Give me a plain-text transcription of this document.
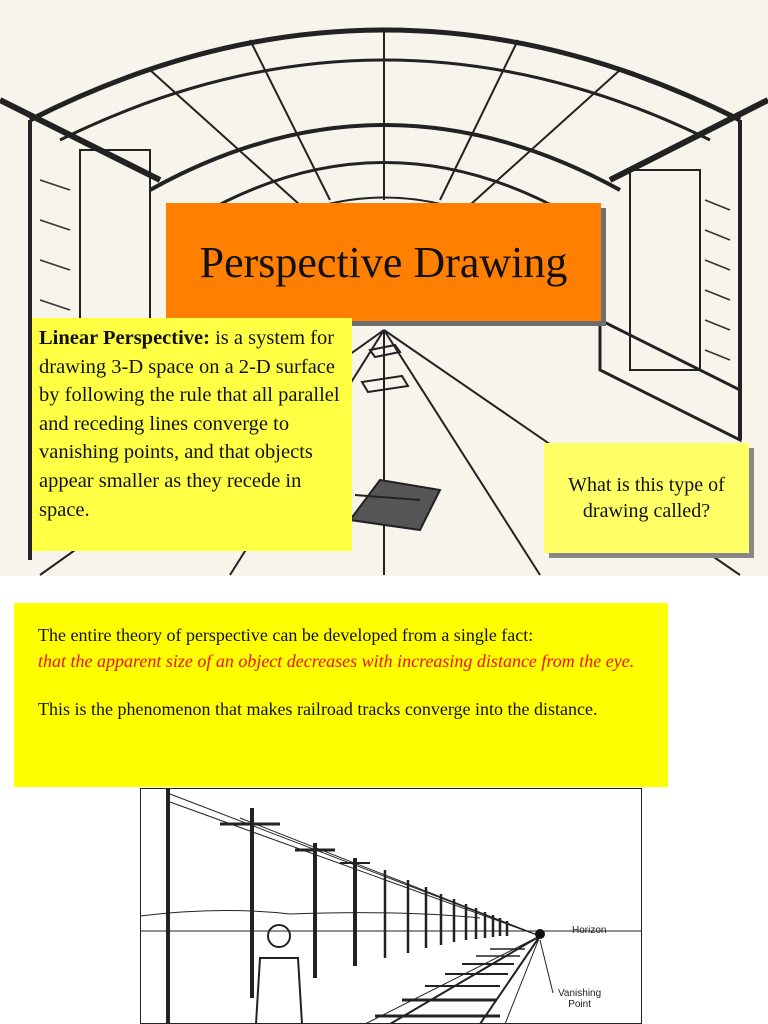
Perspective Drawing
Linear Perspective: is a system for drawing 3-D space on a 2-D surface by following the rule that all parallel and receding lines converge to vanishing points, and that objects appear smaller as they recede in space.
What is this type of drawing called?

The entire theory of perspective can be developed from a single fact:
that the apparent size of an object decreases with increasing distance from the eye.

This is the phenomenon that makes railroad tracks converge into the distance.

Horizon
Vanishing
Point
